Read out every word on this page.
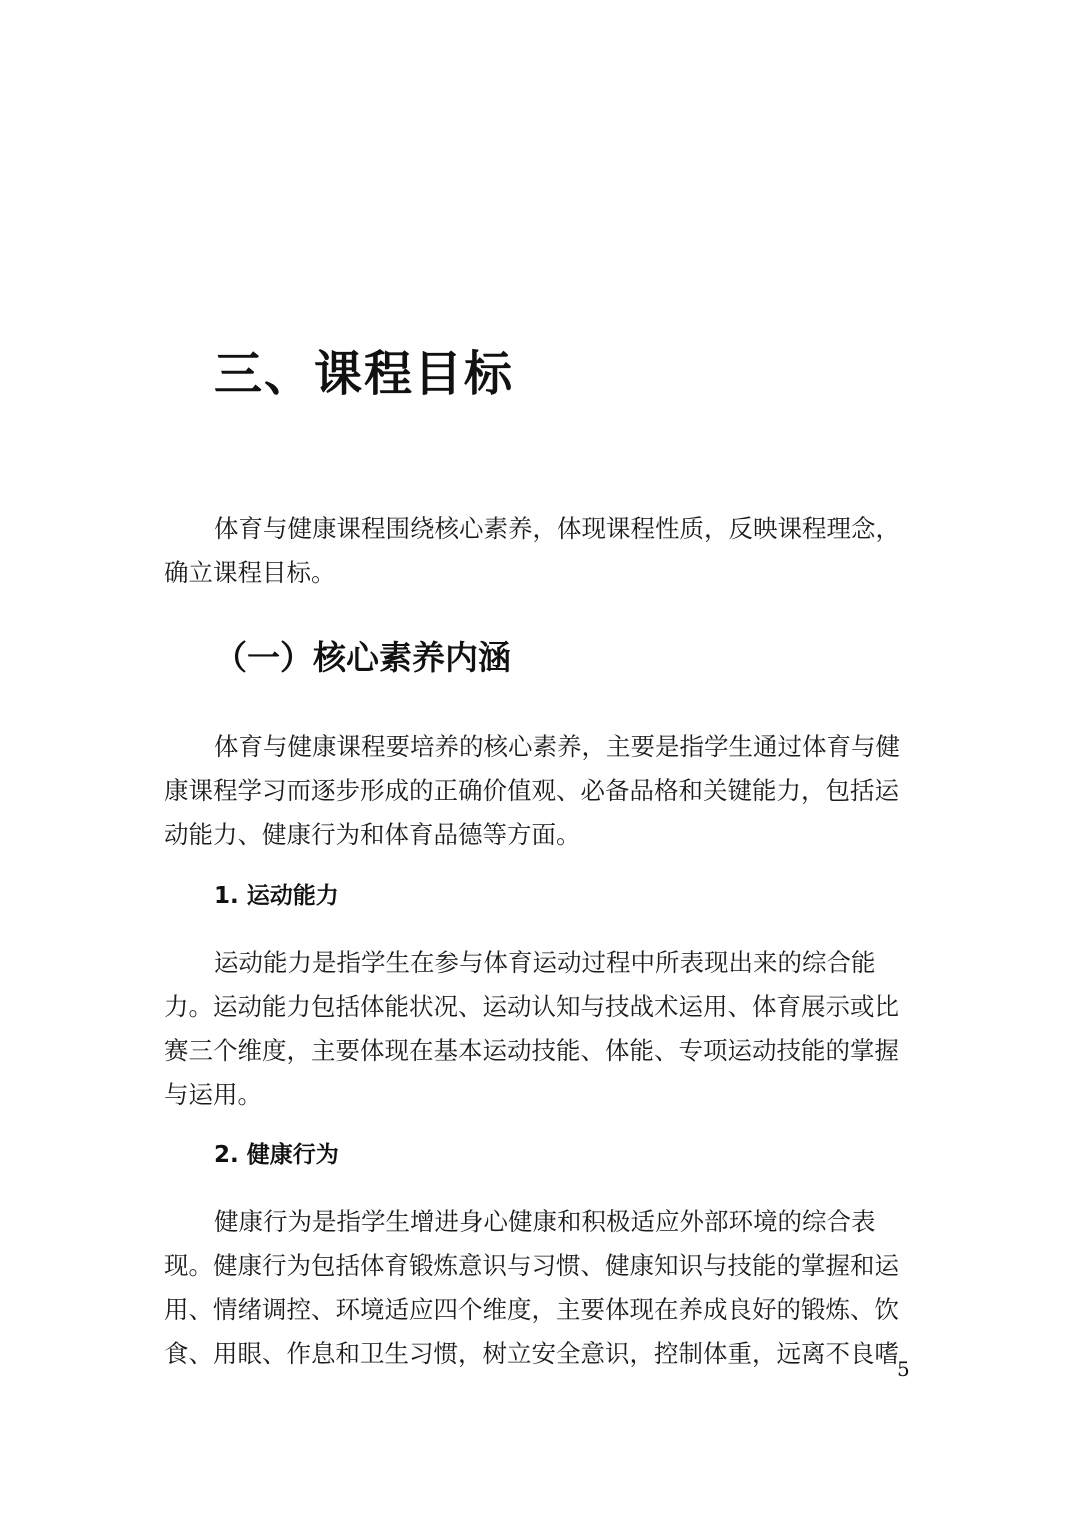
三、课程目标
体育与健康课程围绕核心素养，体现课程性质，反映课程理念，
确立课程目标。
（一）核心素养内涵
体育与健康课程要培养的核心素养，主要是指学生通过体育与健
康课程学习而逐步形成的正确价值观、必备品格和关键能力，包括运
动能力、健康行为和体育品德等方面。
1. 运动能力
运动能力是指学生在参与体育运动过程中所表现出来的综合能
力。运动能力包括体能状况、运动认知与技战术运用、体育展示或比
赛三个维度，主要体现在基本运动技能、体能、专项运动技能的掌握
与运用。
2. 健康行为
健康行为是指学生增进身心健康和积极适应外部环境的综合表
现。健康行为包括体育锻炼意识与习惯、健康知识与技能的掌握和运
用、情绪调控、环境适应四个维度，主要体现在养成良好的锻炼、饮
食、用眼、作息和卫生习惯，树立安全意识，控制体重，远离不良嗜
5
